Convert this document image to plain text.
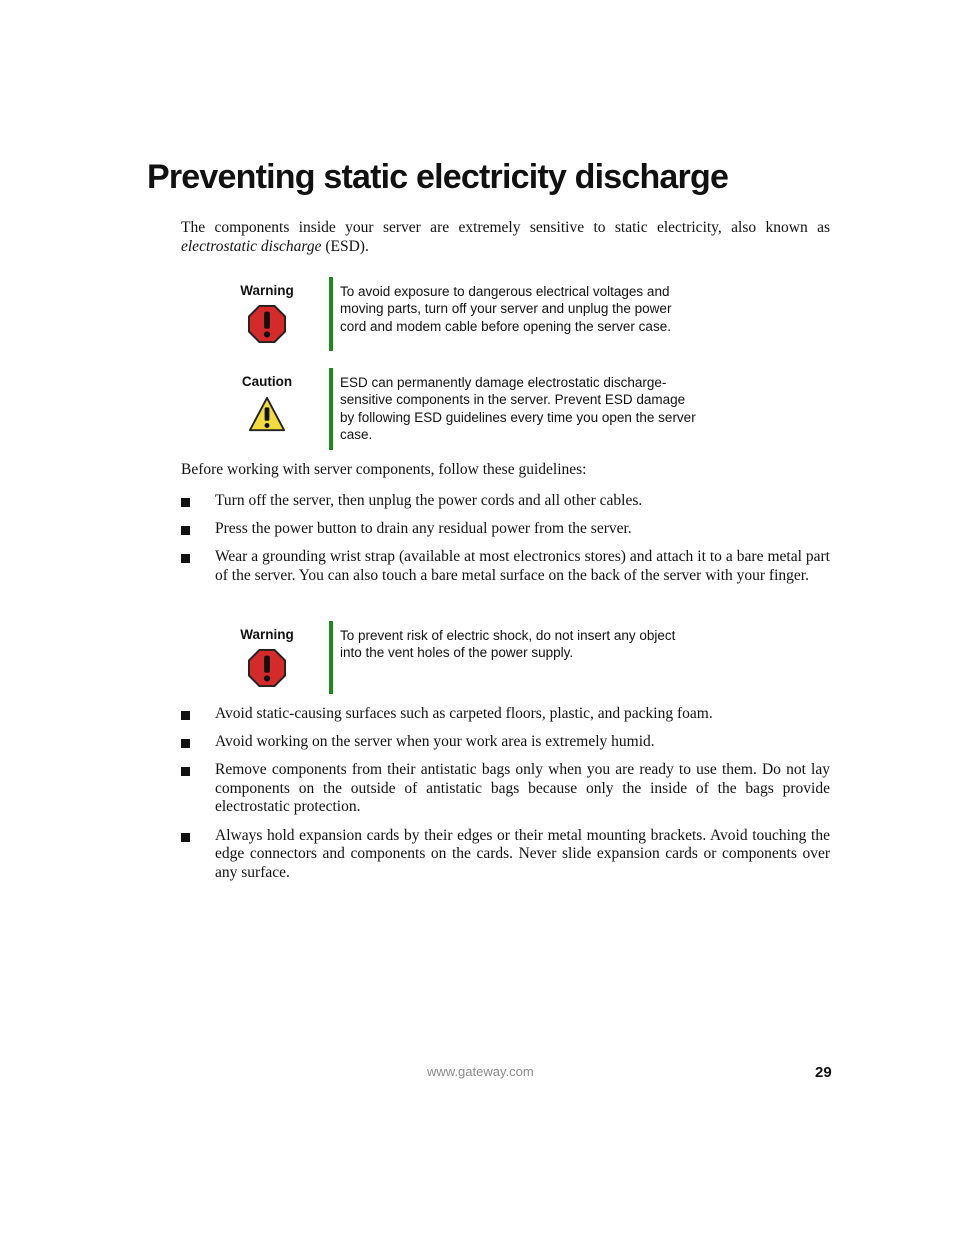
Preventing static electricity discharge
The components inside your server are extremely sensitive to static electricity, also known as electrostatic discharge (ESD).
Warning	To avoid exposure to dangerous electrical voltages and moving parts, turn off your server and unplug the power cord and modem cable before opening the server case.
Caution	ESD can permanently damage electrostatic discharge-sensitive components in the server. Prevent ESD damage by following ESD guidelines every time you open the server case.
Before working with server components, follow these guidelines:
Turn off the server, then unplug the power cords and all other cables.
Press the power button to drain any residual power from the server.
Wear a grounding wrist strap (available at most electronics stores) and attach it to a bare metal part of the server. You can also touch a bare metal surface on the back of the server with your finger.
Warning	To prevent risk of electric shock, do not insert any object into the vent holes of the power supply.
Avoid static-causing surfaces such as carpeted floors, plastic, and packing foam.
Avoid working on the server when your work area is extremely humid.
Remove components from their antistatic bags only when you are ready to use them. Do not lay components on the outside of antistatic bags because only the inside of the bags provide electrostatic protection.
Always hold expansion cards by their edges or their metal mounting brackets. Avoid touching the edge connectors and components on the cards. Never slide expansion cards or components over any surface.
www.gateway.com	29
